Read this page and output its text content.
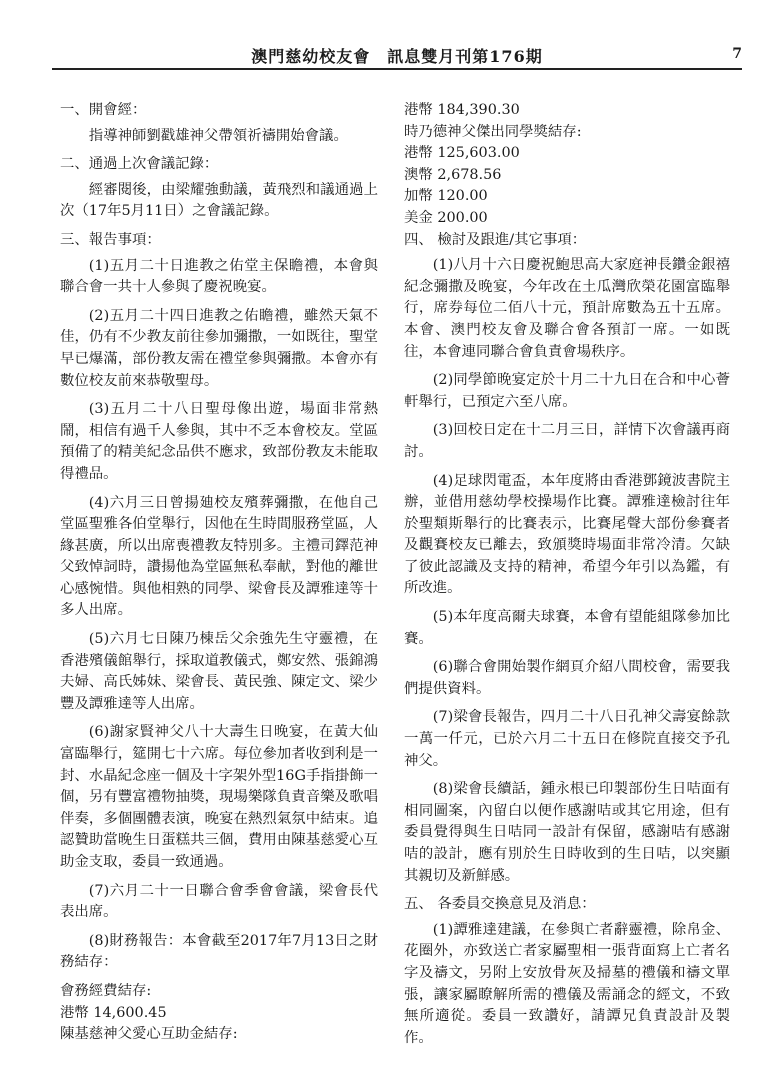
澳門慈幼校友會　訊息雙月刊第176期	7

一、開會經：

指導神師劉戳雄神父帶領祈禱開始會議。

二、通過上次會議記錄：

經審閱後，由梁耀強動議，黃飛烈和議通過上次（17年5月11日）之會議記錄。

三、報告事項：

(1)五月二十日進教之佑堂主保瞻禮，本會與聯合會一共十人參與了慶祝晚宴。

(2)五月二十四日進教之佑瞻禮，雖然天氣不佳，仍有不少教友前往參加彌撒，一如既往，聖堂早已爆滿，部份教友需在禮堂參與彌撒。本會亦有數位校友前來恭敬聖母。

(3)五月二十八日聖母像出遊，場面非常熱鬧，相信有過千人參與，其中不乏本會校友。堂區預備了的精美紀念品供不應求，致部份教友未能取得禮品。

(4)六月三日曾揚廸校友殯葬彌撒，在他自己堂區聖雅各伯堂舉行，因他在生時間服務堂區，人緣甚廣，所以出席喪禮教友特別多。主禮司鐸范神父致悼詞時，讚揚他為堂區無私奉献，對他的離世心感惋惜。與他相熟的同學、梁會長及譚雅達等十多人出席。

(5)六月七日陳乃棟岳父余強先生守靈禮，在香港殯儀館舉行，採取道教儀式，鄭安然、張錦鴻夫婦、高氏姊妹、梁會長、黃民強、陳定文、梁少豐及譚雅達等人出席。

(6)謝家賢神父八十大壽生日晚宴，在黃大仙富臨舉行，筵開七十六席。每位參加者收到利是一封、水晶紀念座一個及十字架外型16G手指掛飾一個，另有豐富禮物抽獎，現場樂隊負責音樂及歌唱伴奏，多個團體表演，晚宴在熱烈氣氛中結束。追認贊助當晚生日蛋糕共三個，費用由陳基慈愛心互助金支取，委員一致通過。

(7)六月二十一日聯合會季會會議，梁會長代表出席。

(8)財務報告：本會截至2017年7月13日之財務結存：

會務經費結存:

港幣 14,600.45

陳基慈神父愛心互助金結存:

港幣 184,390.30

時乃德神父傑出同學獎結存:

港幣 125,603.00

澳幣 2,678.56

加幣 120.00

美金 200.00

四、 檢討及跟進/其它事項：

(1)八月十六日慶祝鮑思高大家庭神長鑽金銀禧紀念彌撒及晚宴，今年改在土瓜灣欣榮花園富臨舉行，席券每位二佰八十元，預計席數為五十五席。本會、澳門校友會及聯合會各預訂一席。一如既往，本會連同聯合會負責會場秩序。

(2)同學節晚宴定於十月二十九日在合和中心薈軒舉行，已預定六至八席。

(3)回校日定在十二月三日，詳情下次會議再商討。

(4)足球閃電盃，本年度將由香港鄧鏡波書院主辦，並借用慈幼學校操場作比賽。譚雅達檢討往年於聖類斯舉行的比賽表示，比賽尾聲大部份參賽者及觀賽校友已離去，致頒獎時場面非常冷清。欠缺了彼此認識及支持的精神，希望今年引以為鑑，有所改進。

(5)本年度高爾夫球賽，本會有望能組隊參加比賽。

(6)聯合會開始製作網頁介紹八間校會，需要我們提供資料。

(7)梁會長報告，四月二十八日孔神父壽宴餘款一萬一仟元，已於六月二十五日在修院直接交予孔神父。

(8)梁會長續話，鍾永根已印製部份生日咭面有相同圖案，內留白以便作感謝咭或其它用途，但有委員覺得與生日咭同一設計有保留，感謝咭有感謝咭的設計，應有別於生日時收到的生日咭，以突顯其親切及新鮮感。

五、 各委員交換意見及消息：

(1)譚雅達建議，在參與亡者辭靈禮，除帛金、花圈外，亦致送亡者家屬聖相一張背面寫上亡者名字及禱文，另附上安放骨灰及掃墓的禮儀和禱文單張，讓家屬瞭解所需的禮儀及需誦念的經文，不致無所適從。委員一致讚好，請譚兄負責設計及製作。
